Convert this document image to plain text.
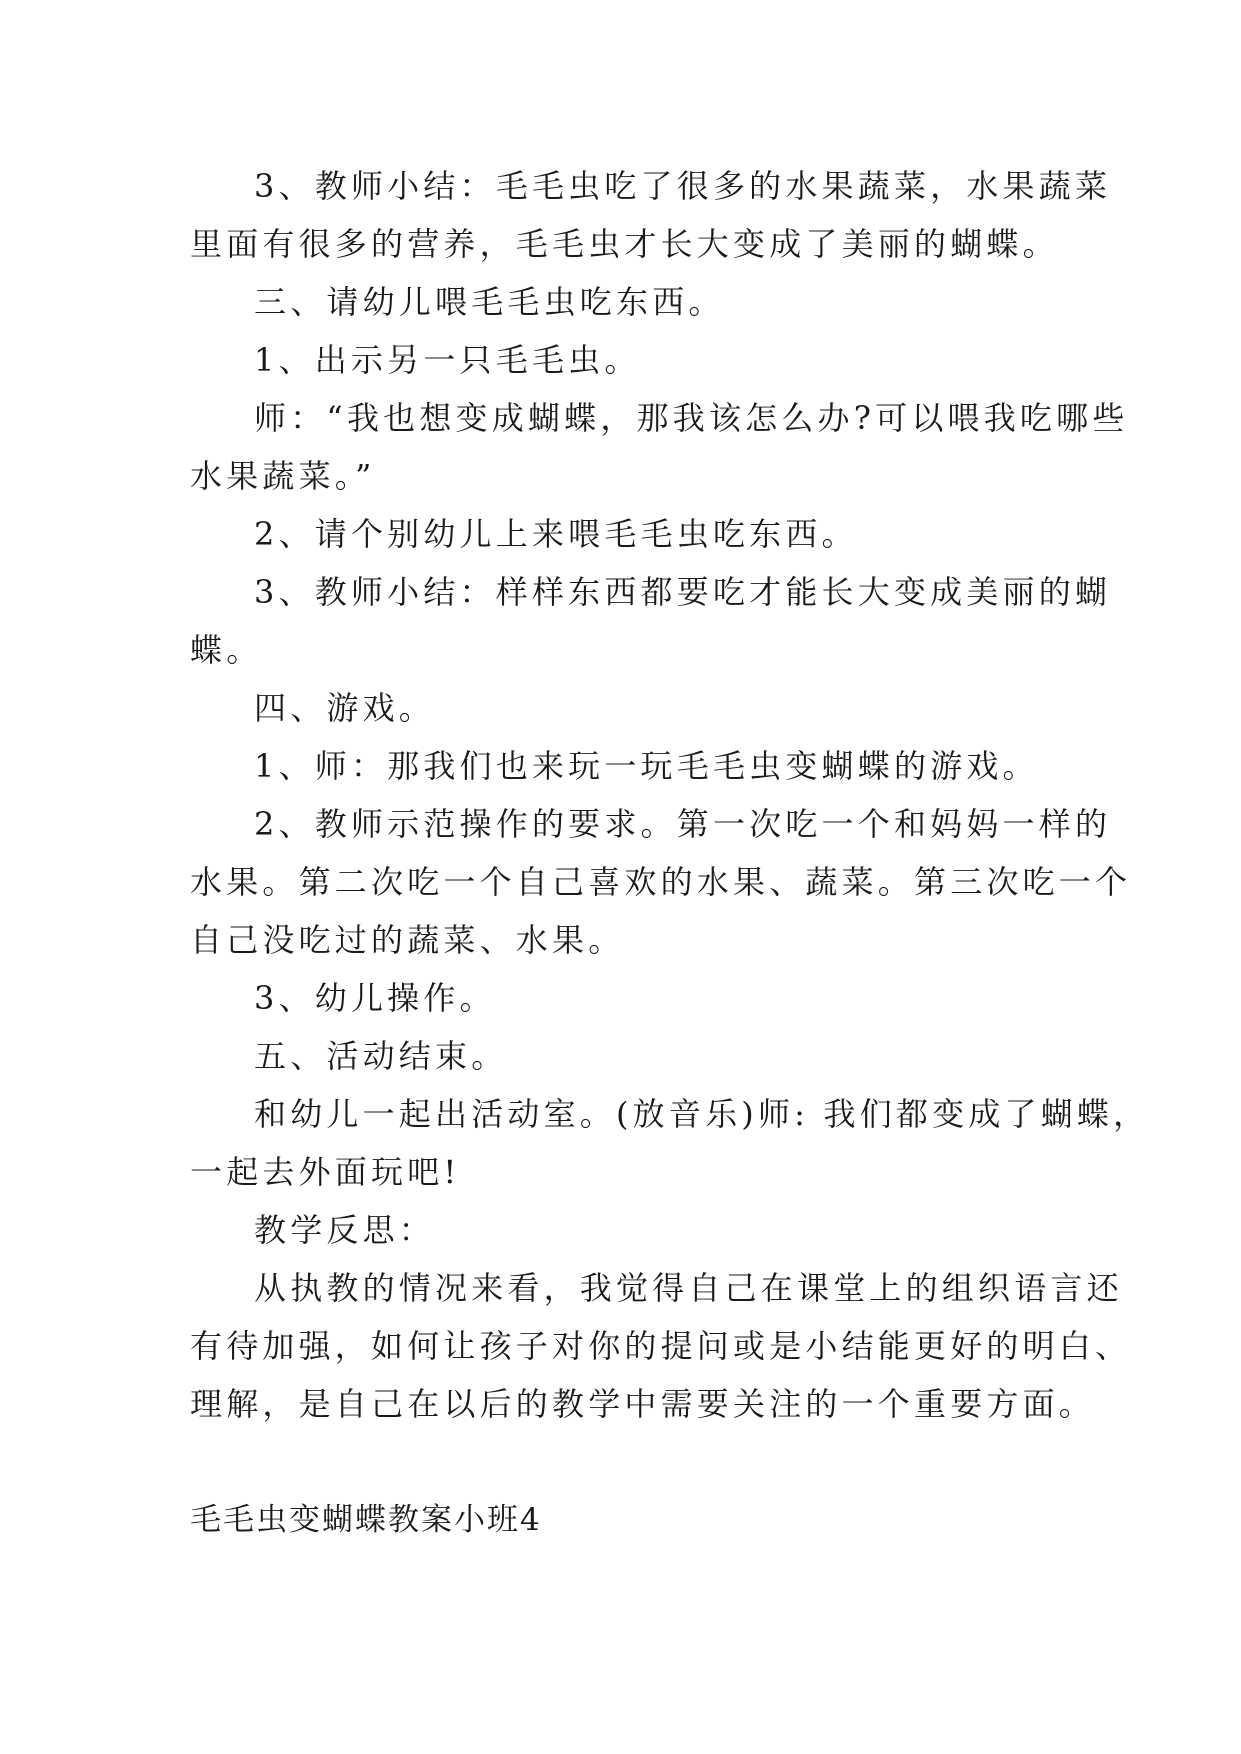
3、教师小结：毛毛虫吃了很多的水果蔬菜，水果蔬菜
里面有很多的营养，毛毛虫才长大变成了美丽的蝴蝶。
三、请幼儿喂毛毛虫吃东西。
1、出示另一只毛毛虫。
师：“我也想变成蝴蝶，那我该怎么办?可以喂我吃哪些
水果蔬菜。”
2、请个别幼儿上来喂毛毛虫吃东西。
3、教师小结：样样东西都要吃才能长大变成美丽的蝴
蝶。
四、游戏。
1、师：那我们也来玩一玩毛毛虫变蝴蝶的游戏。
2、教师示范操作的要求。第一次吃一个和妈妈一样的
水果。第二次吃一个自己喜欢的水果、蔬菜。第三次吃一个
自己没吃过的蔬菜、水果。
3、幼儿操作。
五、活动结束。
和幼儿一起出活动室。(放音乐)师: 我们都变成了蝴蝶，
一起去外面玩吧!
教学反思：
从执教的情况来看，我觉得自己在课堂上的组织语言还
有待加强，如何让孩子对你的提问或是小结能更好的明白、
理解，是自己在以后的教学中需要关注的一个重要方面。
毛毛虫变蝴蝶教案小班4
